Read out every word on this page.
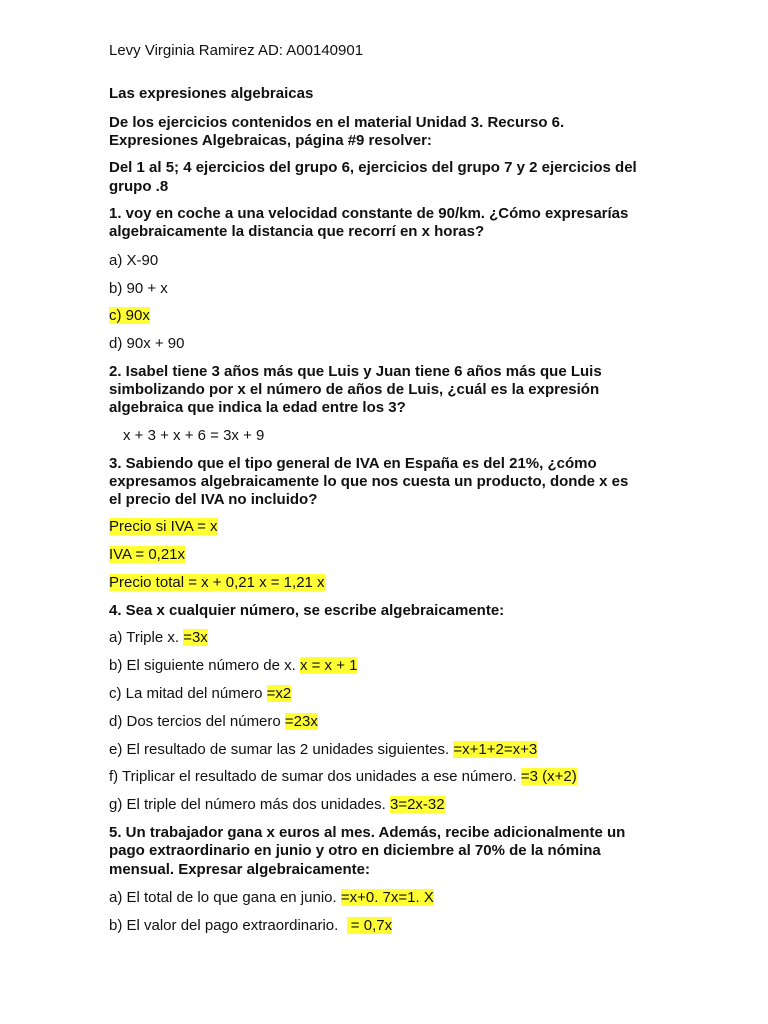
Levy Virginia Ramirez AD: A00140901
Las expresiones algebraicas
De los ejercicios contenidos en el material Unidad 3. Recurso 6.
Expresiones Algebraicas, página #9 resolver:
Del 1 al 5; 4 ejercicios del grupo 6, ejercicios del grupo 7 y 2 ejercicios del
grupo .8
1. voy en coche a una velocidad constante de 90/km. ¿Cómo expresarías
algebraicamente la distancia que recorrí en x horas?
a) X-90
b) 90 + x
c) 90x
d) 90x + 90
2. Isabel tiene 3 años más que Luis y Juan tiene 6 años más que Luis
simbolizando por x el número de años de Luis, ¿cuál es la expresión
algebraica que indica la edad entre los 3?
x + 3 + x + 6 = 3x + 9
3. Sabiendo que el tipo general de IVA en España es del 21%, ¿cómo
expresamos algebraicamente lo que nos cuesta un producto, donde x es
el precio del IVA no incluido?
Precio si IVA = x
IVA = 0,21x
Precio total = x + 0,21 x = 1,21 x
4. Sea x cualquier número, se escribe algebraicamente:
a) Triple x. =3x
b) El siguiente número de x. x = x + 1
c) La mitad del número =x2
d) Dos tercios del número =23x
e) El resultado de sumar las 2 unidades siguientes. =x+1+2=x+3
f) Triplicar el resultado de sumar dos unidades a ese número. =3 (x+2)
g) El triple del número más dos unidades. 3=2x-32
5. Un trabajador gana x euros al mes. Además, recibe adicionalmente un
pago extraordinario en junio y otro en diciembre al 70% de la nómina
mensual. Expresar algebraicamente:
a) El total de lo que gana en junio. =x+0. 7x=1. X
b) El valor del pago extraordinario.   = 0,7x
